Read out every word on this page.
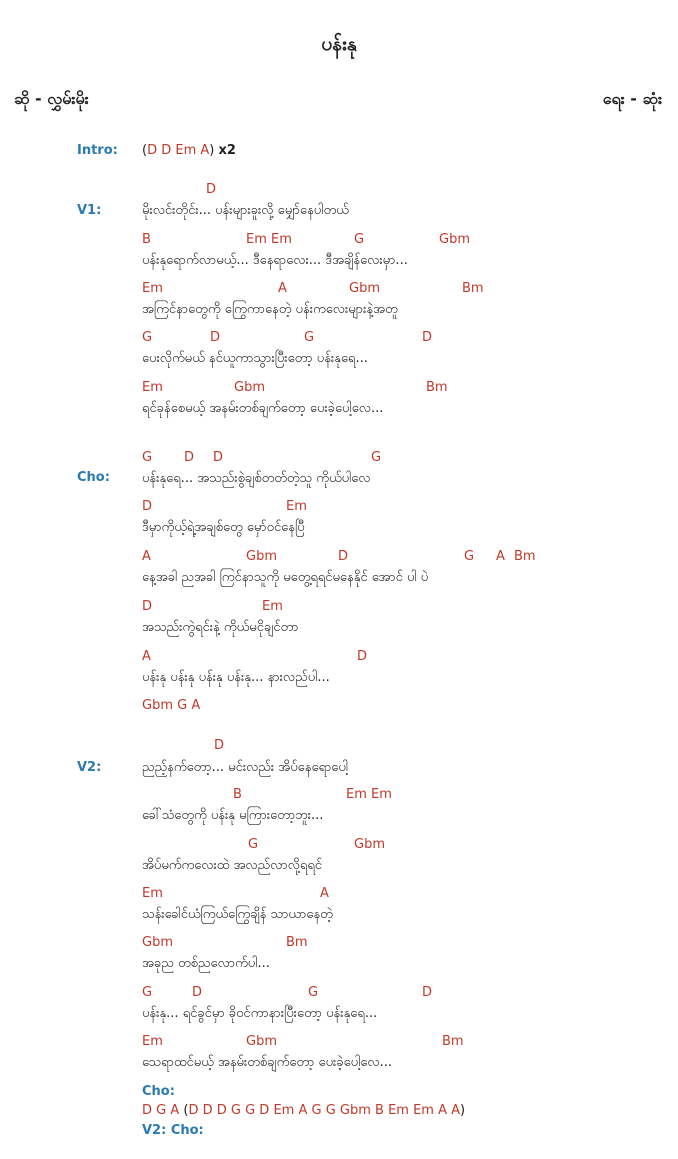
ပန်းနု
ဆို - လွှမ်းမိုး	ရေး - ဆုံး
Intro: (D D Em A) x2
V1:
D
မိုးလင်းတိုင်း... ပန်းများခူးလို့ မျှော်နေပါတယ်
B	Em Em	G	Gbm
ပန်းနုရောက်လာမယ့်... ဒီနေရာလေး... ဒီအချိန်လေးမှာ...
Em	A	Gbm	Bm
အကြင်နာတွေကို ကြွေကာနေတဲ့ ပန်းကလေးများနဲ့အတူ
G	D	G	D
ပေးလိုက်မယ် နင်ယူကာသွားပြီးတော့ ပန်းနုရေ...
Em	Gbm	Bm
ရင်ခုန်စေမယ့် အနမ်းတစ်ချက်တော့ ပေးခဲ့ပေါ့လေ...
Cho:
G D D	G
ပန်းနုရေ... အသည်းစွဲချစ်တတ်တဲ့သူ ကိုယ်ပါလေ
D	Em
ဒီမှာကိုယ့်ရဲ့အချစ်တွေ မှော်ဝင်နေပြီ
A	Gbm	D	G A Bm
နေ့အခါ ညအခါ ကြင်နာသူကို မတွေ့ရရင်မနေနိုင် အောင် ပါ ပဲ
D	Em
အသည်းကွဲရင်းနဲ့ ကိုယ်မငိုချင်တာ
A	D
ပန်းနု ပန်းနု ပန်းနု ပန်းနု... နားလည်ပါ...
Gbm G A
V2:
D
ညည့်နက်တော့... မင်းလည်း အိပ်နေရောပေါ့
B	Em Em
ခေါ်သံတွေကို ပန်းနု မကြားတော့ဘူး...
G	Gbm
အိပ်မက်ကလေးထဲ အလည်လာလို့ရရင်
Em	A
သန်းခေါင်ယံကြယ်ကြွေချိန် သာယာနေတဲ့
Gbm	Bm
အခုည တစ်ညလောက်ပါ...
G	D	G	D
ပန်းနု... ရင်ခွင်မှာ ခိုဝင်ကာနားပြီးတော့ ပန်းနုရေ...
Em	Gbm	Bm
သေရာထင်မယ့် အနမ်းတစ်ချက်တော့ ပေးခဲ့ပေါ့လေ...
Cho:
D G A (D D D G G D Em A G G Gbm B Em Em A A)
V2: Cho:
